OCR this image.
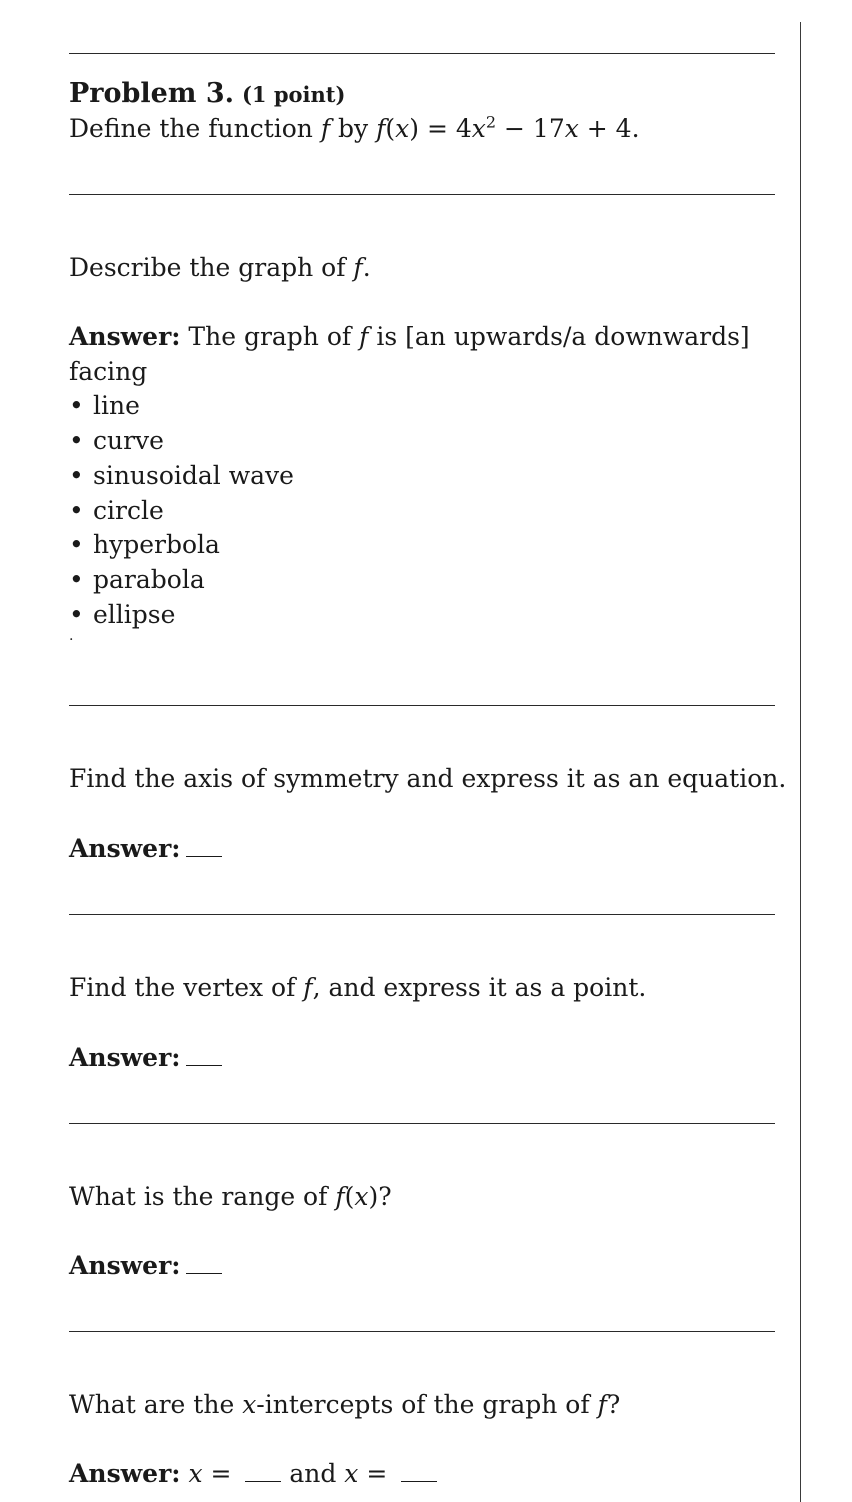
Problem 3. (1 point)
Define the function f by $f(x) = 4x^2 - 17x + 4$.
Describe the graph of f.
Answer: The graph of f is [an upwards/a downwards]
facing
• line
• curve
• sinusoidal wave
• circle
• hyperbola
• parabola
• ellipse
.
Find the axis of symmetry and express it as an equation.
Answer:
Find the vertex of f, and express it as a point.
Answer:
What is the range of f(x)?
Answer:
What are the x-intercepts of the graph of f?
Answer: x =  and x =
